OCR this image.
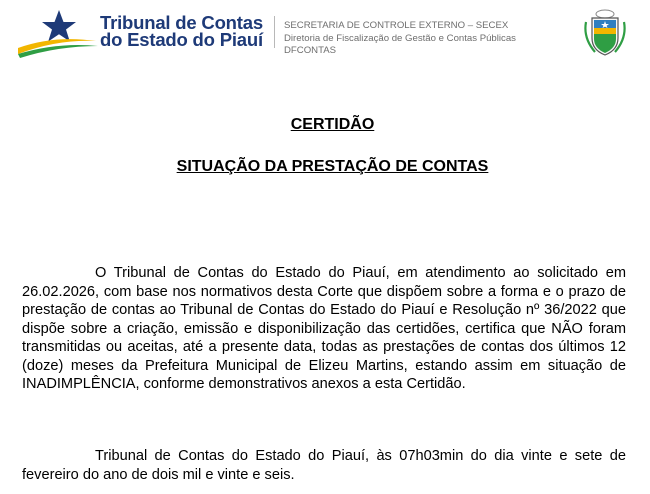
Tribunal de Contas
do Estado do Piauí
SECRETARIA DE CONTROLE EXTERNO – SECEX
Diretoria de Fiscalização de Gestão e Contas Públicas
DFCONTAS
CERTIDÃO
SITUAÇÃO DA PRESTAÇÃO DE CONTAS

O Tribunal de Contas do Estado do Piauí, em atendimento ao solicitado em 26.02.2026, com base nos normativos desta Corte que dispõem sobre a forma e o prazo de prestação de contas ao Tribunal de Contas do Estado do Piauí e Resolução nº 36/2022 que dispõe sobre a criação, emissão e disponibilização das certidões, certifica que NÃO foram transmitidas ou aceitas, até a presente data, todas as prestações de contas dos últimos 12 (doze) meses da Prefeitura Municipal de Elizeu Martins, estando assim em situação de INADIMPLÊNCIA, conforme demonstrativos anexos a esta Certidão.

Tribunal de Contas do Estado do Piauí, às 07h03min do dia vinte e sete de fevereiro do ano de dois mil e vinte e seis.
